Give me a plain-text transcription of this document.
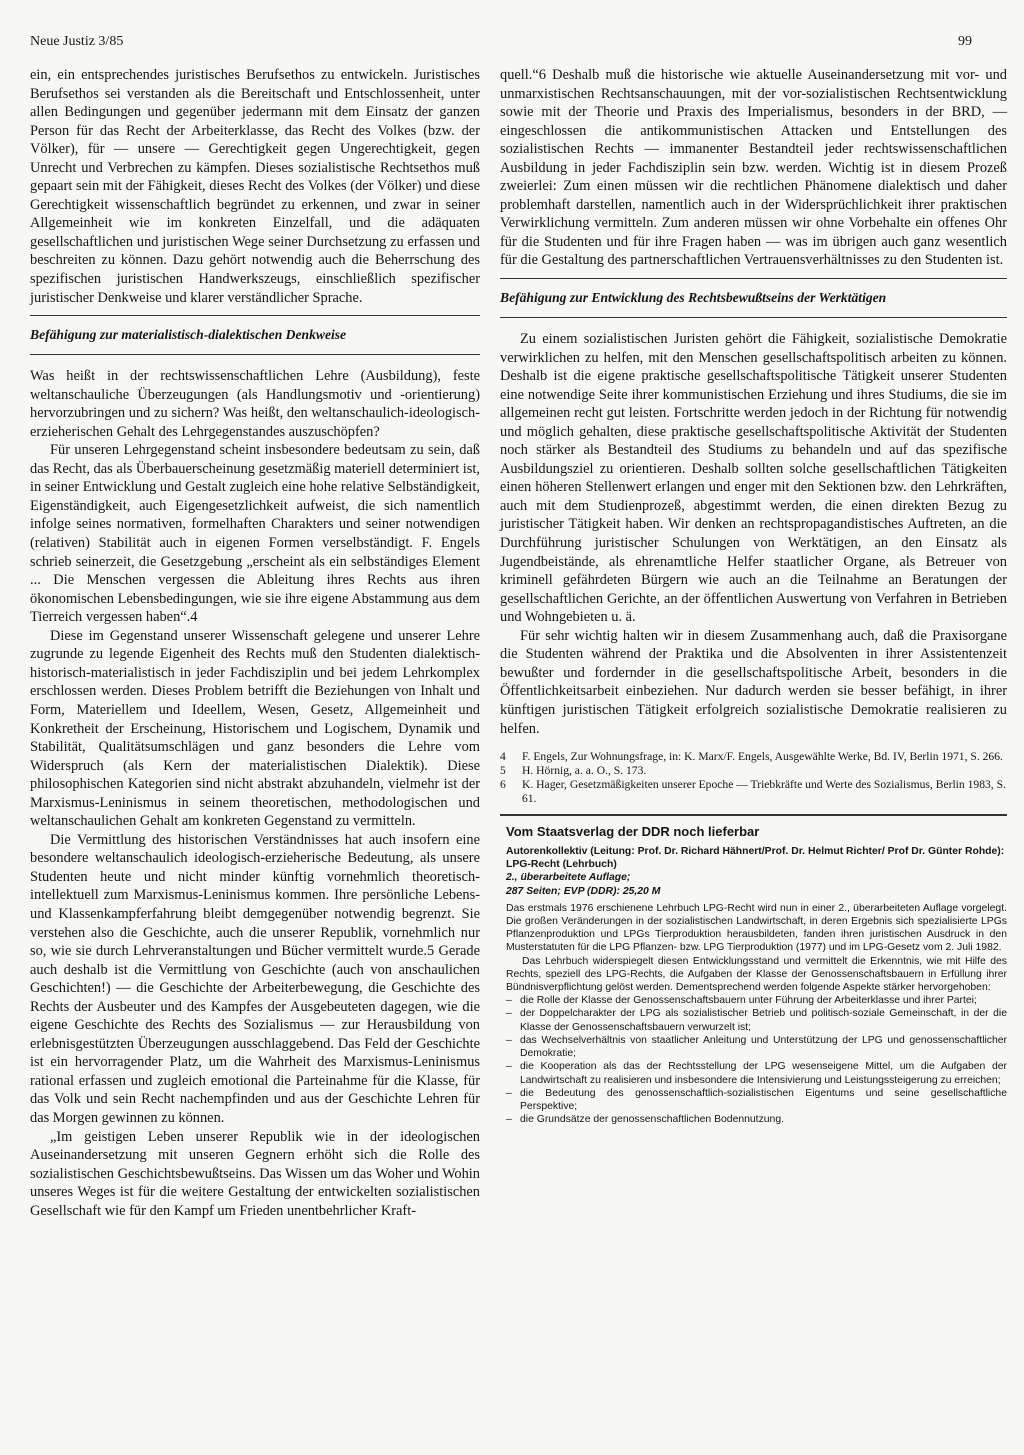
Neue Justiz 3/85	99

ein, ein entsprechendes juristisches Berufsethos zu entwickeln. Juristisches Berufsethos sei verstanden als die Bereitschaft und Entschlossenheit, unter allen Bedingungen und gegenüber jedermann mit dem Einsatz der ganzen Person für das Recht der Arbeiterklasse, das Recht des Volkes (bzw. der Völker), für — unsere — Gerechtigkeit gegen Ungerechtigkeit, gegen Unrecht und Verbrechen zu kämpfen. Dieses sozialistische Rechtsethos muß gepaart sein mit der Fähigkeit, dieses Recht des Volkes (der Völker) und diese Gerechtigkeit wissenschaftlich begründet zu erkennen, und zwar in seiner Allgemeinheit wie im konkreten Einzelfall, und die adäquaten gesellschaftlichen und juristischen Wege seiner Durchsetzung zu erfassen und beschreiten zu können. Dazu gehört notwendig auch die Beherrschung des spezifischen juristischen Handwerkszeugs, einschließlich spezifischer juristischer Denkweise und klarer verständlicher Sprache.

Befähigung zur materialistisch-dialektischen Denkweise

Was heißt in der rechtswissenschaftlichen Lehre (Ausbildung), feste weltanschauliche Überzeugungen (als Handlungsmotiv und -orientierung) hervorzubringen und zu sichern? Was heißt, den weltanschaulich-ideologisch-erzieherischen Gehalt des Lehrgegenstandes auszuschöpfen?

Für unseren Lehrgegenstand scheint insbesondere bedeutsam zu sein, daß das Recht, das als Überbauerscheinung gesetzmäßig materiell determiniert ist, in seiner Entwicklung und Gestalt zugleich eine hohe relative Selbständigkeit, Eigenständigkeit, auch Eigengesetzlichkeit aufweist, die sich namentlich infolge seines normativen, formelhaften Charakters und seiner notwendigen (relativen) Stabilität auch in eigenen Formen verselbständigt. F. Engels schrieb seinerzeit, die Gesetzgebung „erscheint als ein selbständiges Element ... Die Menschen vergessen die Ableitung ihres Rechts aus ihren ökonomischen Lebensbedingungen, wie sie ihre eigene Abstammung aus dem Tierreich vergessen haben“.4

Diese im Gegenstand unserer Wissenschaft gelegene und unserer Lehre zugrunde zu legende Eigenheit des Rechts muß den Studenten dialektisch-historisch-materialistisch in jeder Fachdisziplin und bei jedem Lehrkomplex erschlossen werden. Dieses Problem betrifft die Beziehungen von Inhalt und Form, Materiellem und Ideellem, Wesen, Gesetz, Allgemeinheit und Konkretheit der Erscheinung, Historischem und Logischem, Dynamik und Stabilität, Qualitätsumschlägen und ganz besonders die Lehre vom Widerspruch (als Kern der materialistischen Dialektik). Diese philosophischen Kategorien sind nicht abstrakt abzuhandeln, vielmehr ist der Marxismus-Leninismus in seinem theoretischen, methodologischen und weltanschaulichen Gehalt am konkreten Gegenstand zu vermitteln.

Die Vermittlung des historischen Verständnisses hat auch insofern eine besondere weltanschaulich ideologisch-erzieherische Bedeutung, als unsere Studenten heute und nicht minder künftig vornehmlich theoretisch-intellektuell zum Marxismus-Leninismus kommen. Ihre persönliche Lebens- und Klassenkampferfahrung bleibt demgegenüber notwendig begrenzt. Sie verstehen also die Geschichte, auch die unserer Republik, vornehmlich nur so, wie sie durch Lehrveranstaltungen und Bücher vermittelt wurde.5 Gerade auch deshalb ist die Vermittlung von Geschichte (auch von anschaulichen Geschichten!) — die Geschichte der Arbeiterbewegung, die Geschichte des Rechts der Ausbeuter und des Kampfes der Ausgebeuteten dagegen, wie die eigene Geschichte des Rechts des Sozialismus — zur Herausbildung von erlebnisgestützten Überzeugungen ausschlaggebend. Das Feld der Geschichte ist ein hervorragender Platz, um die Wahrheit des Marxismus-Leninismus rational erfassen und zugleich emotional die Parteinahme für die Klasse, für das Volk und sein Recht nachempfinden und aus der Geschichte Lehren für das Morgen gewinnen zu können.

„Im geistigen Leben unserer Republik wie in der ideologischen Auseinandersetzung mit unseren Gegnern erhöht sich die Rolle des sozialistischen Geschichtsbewußtseins. Das Wissen um das Woher und Wohin unseres Weges ist für die weitere Gestaltung der entwickelten sozialistischen Gesellschaft wie für den Kampf um Frieden unentbehrlicher Kraft-

quell.“6 Deshalb muß die historische wie aktuelle Auseinandersetzung mit vor- und unmarxistischen Rechtsanschauungen, mit der vor-sozialistischen Rechtsentwicklung sowie mit der Theorie und Praxis des Imperialismus, besonders in der BRD, — eingeschlossen die antikommunistischen Attacken und Entstellungen des sozialistischen Rechts — immanenter Bestandteil jeder rechtswissenschaftlichen Ausbildung in jeder Fachdisziplin sein bzw. werden. Wichtig ist in diesem Prozeß zweierlei: Zum einen müssen wir die rechtlichen Phänomene dialektisch und daher problemhaft darstellen, namentlich auch in der Widersprüchlichkeit ihrer praktischen Verwirklichung vermitteln. Zum anderen müssen wir ohne Vorbehalte ein offenes Ohr für die Studenten und für ihre Fragen haben — was im übrigen auch ganz wesentlich für die Gestaltung des partnerschaftlichen Vertrauensverhältnisses zu den Studenten ist.

Befähigung zur Entwicklung des Rechtsbewußtseins der Werktätigen

Zu einem sozialistischen Juristen gehört die Fähigkeit, sozialistische Demokratie verwirklichen zu helfen, mit den Menschen gesellschaftspolitisch arbeiten zu können. Deshalb ist die eigene praktische gesellschaftspolitische Tätigkeit unserer Studenten eine notwendige Seite ihrer kommunistischen Erziehung und ihres Studiums, die sie im allgemeinen recht gut leisten. Fortschritte werden jedoch in der Richtung für notwendig und möglich gehalten, diese praktische gesellschaftspolitische Aktivität der Studenten noch stärker als Bestandteil des Studiums zu behandeln und auf das spezifische Ausbildungsziel zu orientieren. Deshalb sollten solche gesellschaftlichen Tätigkeiten einen höheren Stellenwert erlangen und enger mit den Sektionen bzw. den Lehrkräften, auch mit dem Studienprozeß, abgestimmt werden, die einen direkten Bezug zu juristischer Tätigkeit haben. Wir denken an rechtspropagandistisches Auftreten, an die Durchführung juristischer Schulungen von Werktätigen, an den Einsatz als Jugendbeistände, als ehrenamtliche Helfer staatlicher Organe, als Betreuer von kriminell gefährdeten Bürgern wie auch an die Teilnahme an Beratungen der gesellschaftlichen Gerichte, an der öffentlichen Auswertung von Verfahren in Betrieben und Wohngebieten u. ä.

Für sehr wichtig halten wir in diesem Zusammenhang auch, daß die Praxisorgane die Studenten während der Praktika und die Absolventen in ihrer Assistentenzeit bewußter und fordernder in die gesellschaftspolitische Arbeit, besonders in die Öffentlichkeitsarbeit einbeziehen. Nur dadurch werden sie besser befähigt, in ihrer künftigen juristischen Tätigkeit erfolgreich sozialistische Demokratie realisieren zu helfen.

4	F. Engels, Zur Wohnungsfrage, in: K. Marx/F. Engels, Ausgewählte Werke, Bd. IV, Berlin 1971, S. 266.
5	H. Hörnig, a. a. O., S. 173.
6	K. Hager, Gesetzmäßigkeiten unserer Epoche — Triebkräfte und Werte des Sozialismus, Berlin 1983, S. 61.
Vom Staatsverlag der DDR noch lieferbar

Autorenkollektiv (Leitung: Prof. Dr. Richard Hähnert/Prof. Dr. Helmut Richter/ Prof Dr. Günter Rohde):

LPG-Recht (Lehrbuch)

2., überarbeitete Auflage;

287 Seiten; EVP (DDR): 25,20 M

Das erstmals 1976 erschienene Lehrbuch LPG-Recht wird nun in einer 2., überarbeiteten Auflage vorgelegt. Die großen Veränderungen in der sozialistischen Landwirtschaft, in deren Ergebnis sich spezialisierte LPGs Pflanzenproduktion und LPGs Tierproduktion herausbildeten, fanden ihren juristischen Ausdruck in den Musterstatuten für die LPG Pflanzen- bzw. LPG Tierproduktion (1977) und im LPG-Gesetz vom 2. Juli 1982.

Das Lehrbuch widerspiegelt diesen Entwicklungsstand und vermittelt die Erkenntnis, wie mit Hilfe des Rechts, speziell des LPG-Rechts, die Aufgaben der Klasse der Genossenschaftsbauern in Erfüllung ihrer Bündnisverpflichtung gelöst werden. Dementsprechend werden folgende Aspekte stärker hervorgehoben:

– die Rolle der Klasse der Genossenschaftsbauern unter Führung der Arbeiterklasse und ihrer Partei;
– der Doppelcharakter der LPG als sozialistischer Betrieb und politisch-soziale Gemeinschaft, in der die Klasse der Genossenschaftsbauern verwurzelt ist;
– das Wechselverhältnis von staatlicher Anleitung und Unterstützung der LPG und genossenschaftlicher Demokratie;
– die Kooperation als das der Rechtsstellung der LPG wesenseigene Mittel, um die Aufgaben der Landwirtschaft zu realisieren und insbesondere die Intensivierung und Leistungssteigerung zu erreichen;
– die Bedeutung des genossenschaftlich-sozialistischen Eigentums und seine gesellschaftliche Perspektive;
– die Grundsätze der genossenschaftlichen Bodennutzung.
